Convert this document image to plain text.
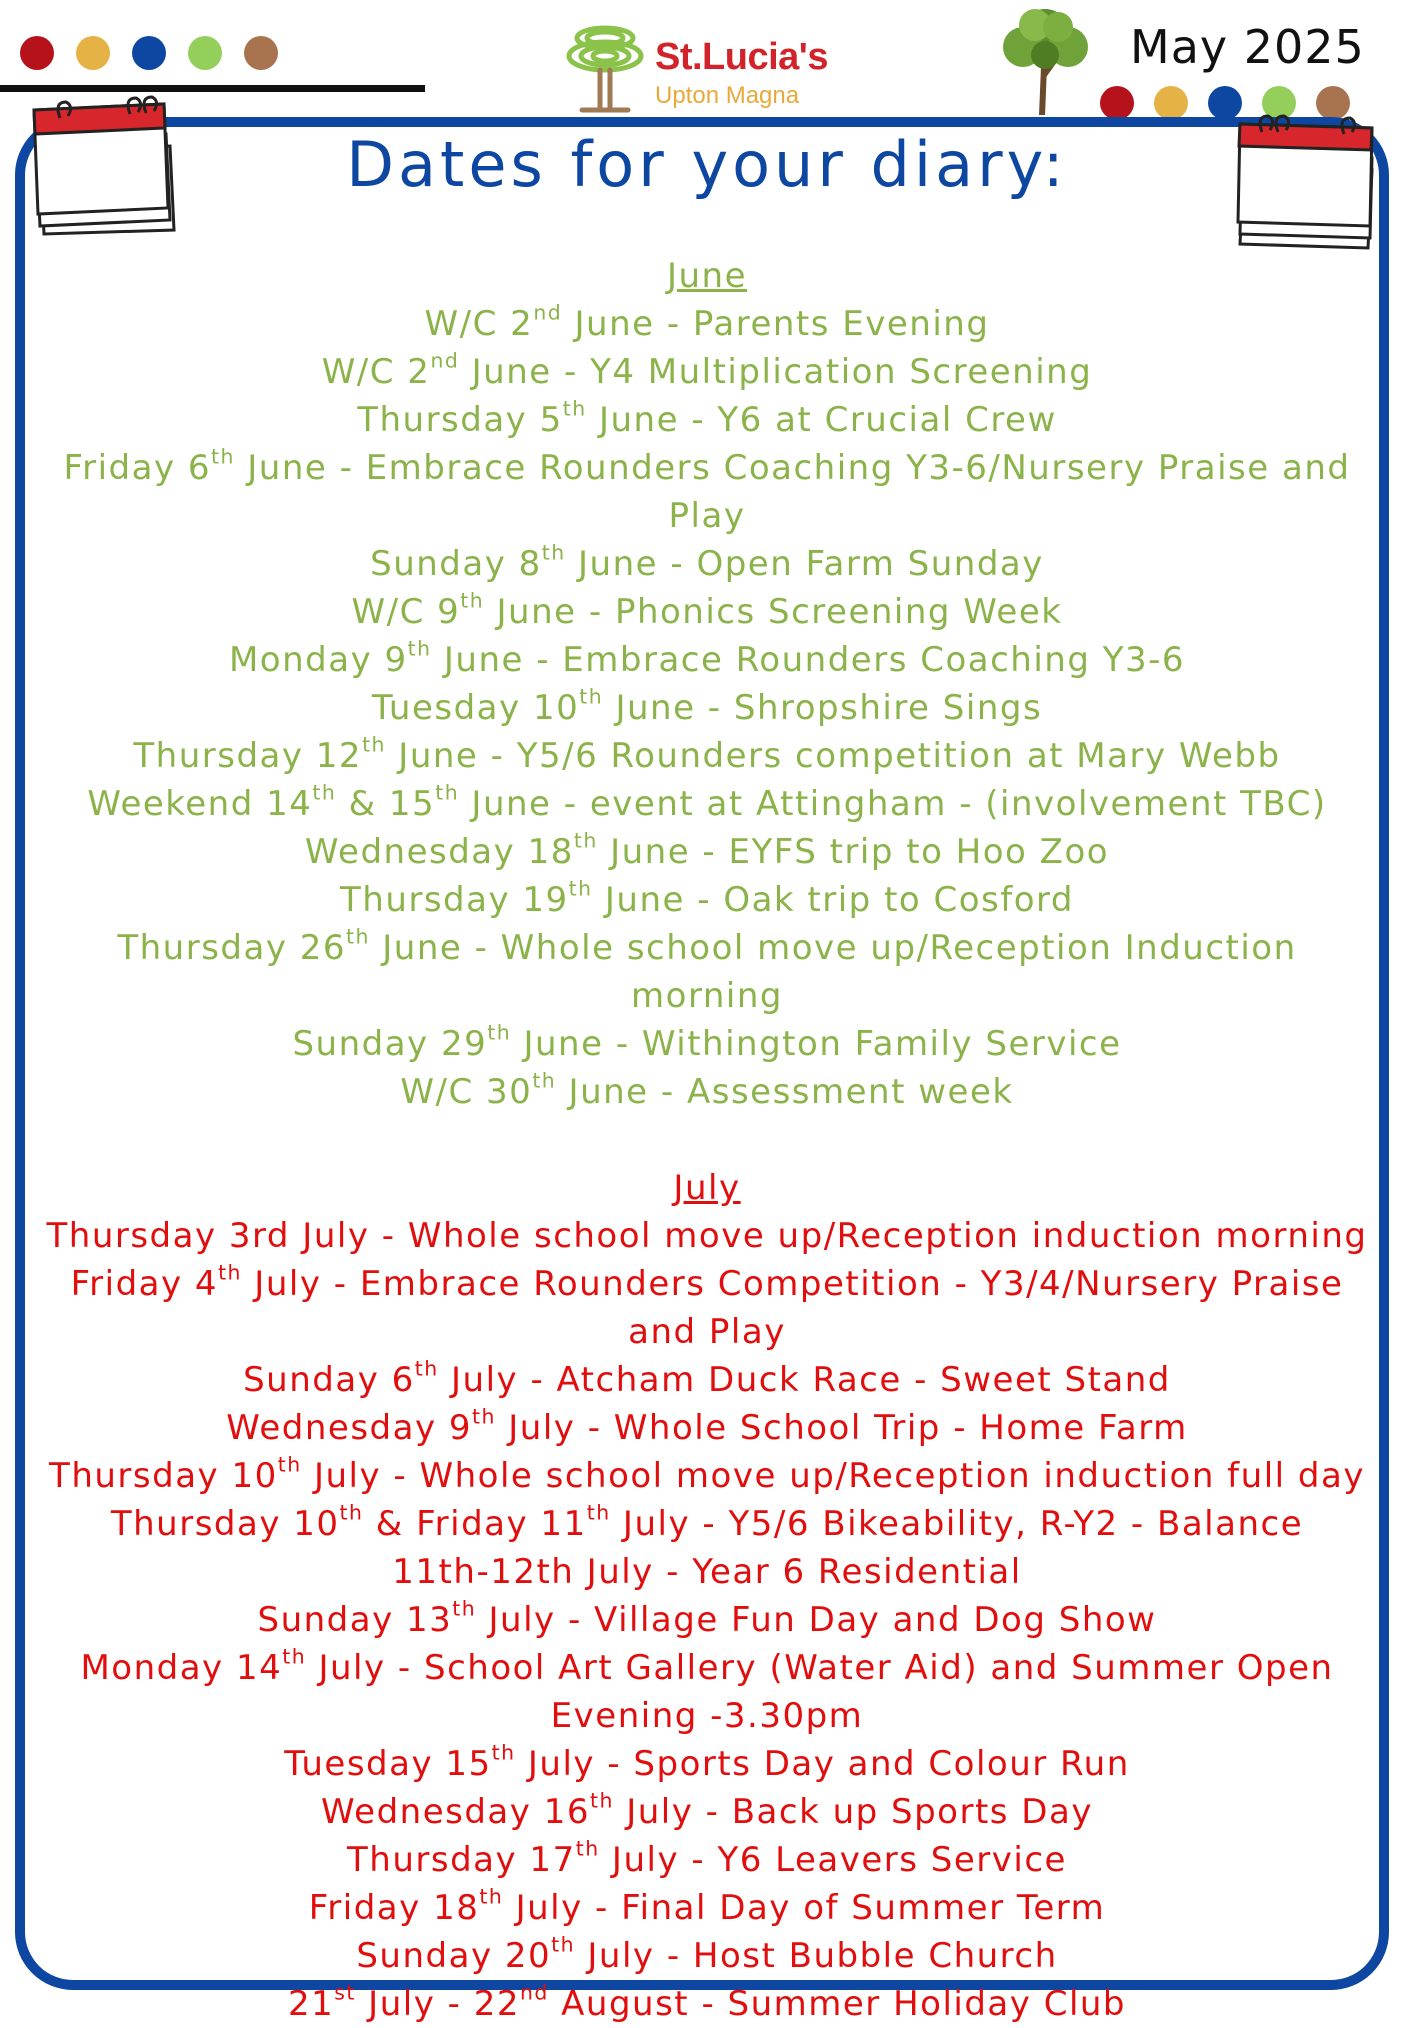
St.Lucia's
Upton Magna
May 2025
Dates for your diary:
June
W/C 2nd June - Parents Evening
W/C 2nd June - Y4 Multiplication Screening
Thursday 5th June - Y6 at Crucial Crew
Friday 6th June - Embrace Rounders Coaching Y3-6/Nursery Praise and Play
Sunday 8th June - Open Farm Sunday
W/C 9th June - Phonics Screening Week
Monday 9th June - Embrace Rounders Coaching Y3-6
Tuesday 10th June - Shropshire Sings
Thursday 12th June - Y5/6 Rounders competition at Mary Webb
Weekend 14th & 15th June - event at Attingham - (involvement TBC)
Wednesday 18th June - EYFS trip to Hoo Zoo
Thursday 19th June - Oak trip to Cosford
Thursday 26th June - Whole school move up/Reception Induction morning
Sunday 29th June - Withington Family Service
W/C 30th June - Assessment week
July
Thursday 3rd July - Whole school move up/Reception induction morning
Friday 4th July - Embrace Rounders Competition - Y3/4/Nursery Praise and Play
Sunday 6th July - Atcham Duck Race - Sweet Stand
Wednesday 9th July - Whole School Trip - Home Farm
Thursday 10th July - Whole school move up/Reception induction full day
Thursday 10th & Friday 11th July - Y5/6 Bikeability, R-Y2 - Balance
11th-12th July - Year 6 Residential
Sunday 13th July - Village Fun Day and Dog Show
Monday 14th July - School Art Gallery (Water Aid) and Summer Open Evening -3.30pm
Tuesday 15th July - Sports Day and Colour Run
Wednesday 16th July - Back up Sports Day
Thursday 17th July - Y6 Leavers Service
Friday 18th July - Final Day of Summer Term
Sunday 20th July - Host Bubble Church
21st July - 22nd August - Summer Holiday Club
